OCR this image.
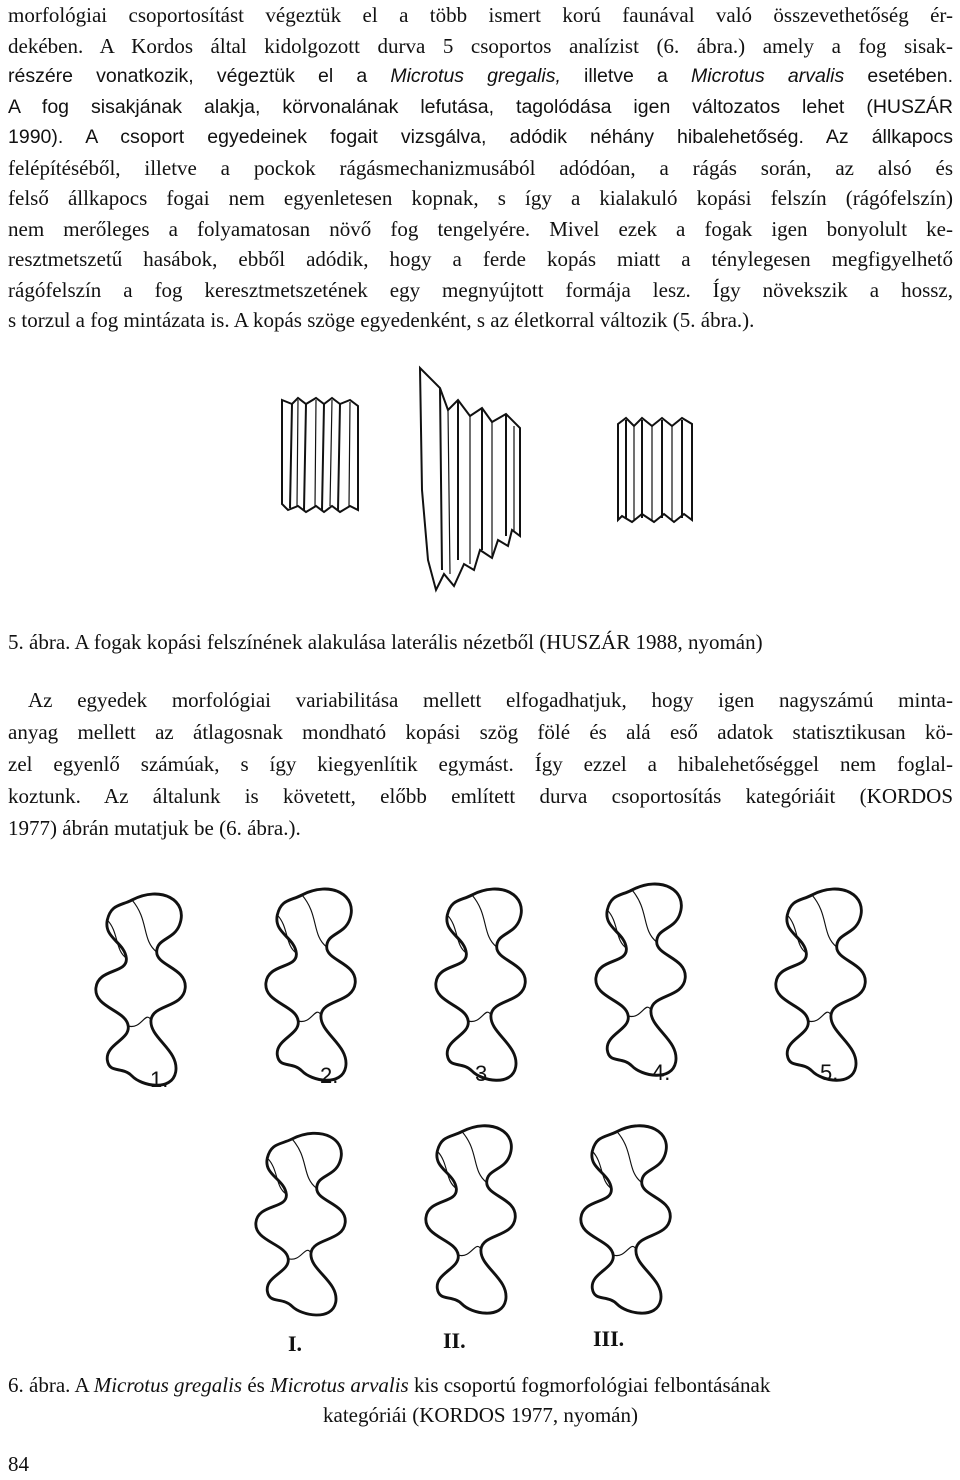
morfológiai csoportosítást végeztük el a több ismert korú faunával való összevethetőség ér-
dekében. A Kordos által kidolgozott durva 5 csoportos analízist (6. ábra.) amely a fog sisak-
részére vonatkozik, végeztük el a Microtus gregalis, illetve a Microtus arvalis esetében.
A fog sisakjának alakja, körvonalának lefutása, tagolódása igen változatos lehet (HUSZÁR
1990). A csoport egyedeinek fogait vizsgálva, adódik néhány hibalehetőség. Az állkapocs
felépítéséből, illetve a pockok rágásmechanizmusából adódóan, a rágás során, az alsó és
felső állkapocs fogai nem egyenletesen kopnak, s így a kialakuló kopási felszín (rágófelszín)
nem merőleges a folyamatosan növő fog tengelyére. Mivel ezek a fogak igen bonyolult ke-
resztmetszetű hasábok, ebből adódik, hogy a ferde kopás miatt a ténylegesen megfigyelhető
rágófelszín a fog keresztmetszetének egy megnyújtott formája lesz. Így növekszik a hossz,
s torzul a fog mintázata is. A kopás szöge egyedenként, s az életkorral változik (5. ábra.).

5. ábra. A fogak kopási felszínének alakulása laterális nézetből (HUSZÁR 1988, nyomán)

Az egyedek morfológiai variabilitása mellett elfogadhatjuk, hogy igen nagyszámú minta-
anyag mellett az átlagosnak mondható kopási szög fölé és alá eső adatok statisztikusan kö-
zel egyenlő számúak, s így kiegyenlítik egymást. Így ezzel a hibalehetőséggel nem foglal-
koztunk. Az általunk is követett, előbb említett durva csoportosítás kategóriáit (KORDOS
1977) ábrán mutatjuk be (6. ábra.).
1.	2.	3.	4.	5.
I.	II.	III.
6. ábra. A Microtus gregalis és Microtus arvalis kis csoportú fogmorfológiai felbontásának
kategóriái (KORDOS 1977, nyomán)
84
